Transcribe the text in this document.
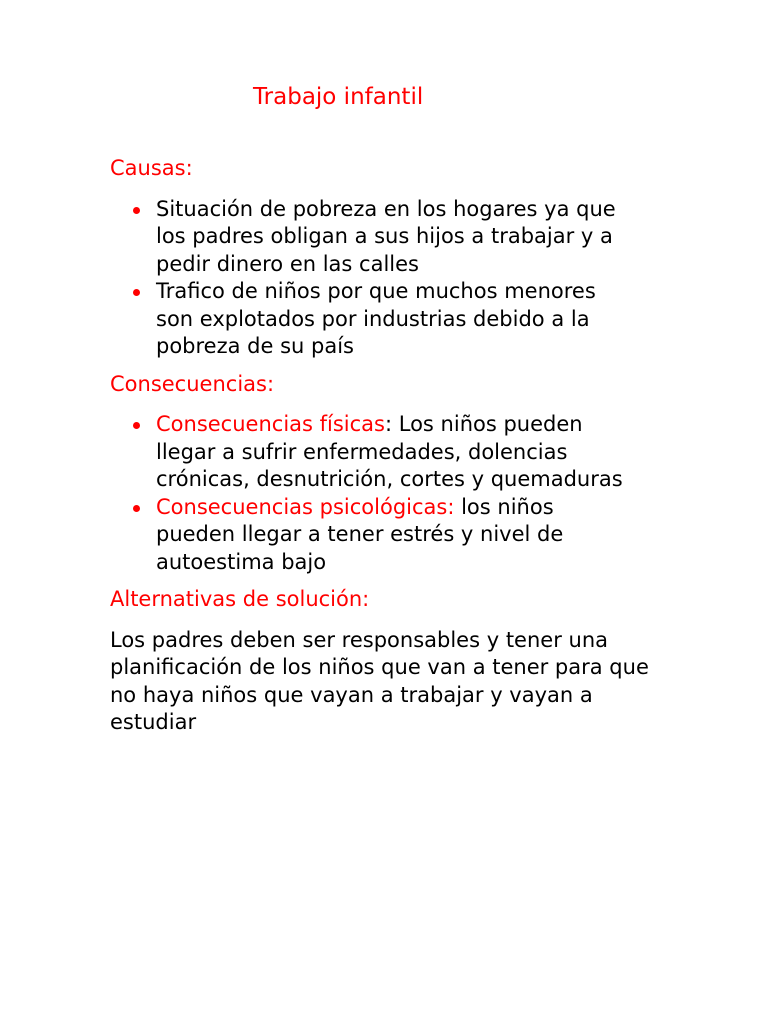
Trabajo infantil
Causas:
Situación de pobreza en los hogares ya que los padres obligan a sus hijos a trabajar y a pedir dinero en las calles
Trafico de niños por que muchos menores son explotados por industrias debido a la pobreza de su país
Consecuencias:
Consecuencias físicas: Los niños pueden llegar a sufrir enfermedades, dolencias crónicas, desnutrición, cortes y quemaduras
Consecuencias psicológicas: los niños pueden llegar a tener estrés y nivel de autoestima bajo
Alternativas de solución:

Los padres deben ser responsables y tener una planificación de los niños que van a tener para que no haya niños que vayan a trabajar y vayan a estudiar
